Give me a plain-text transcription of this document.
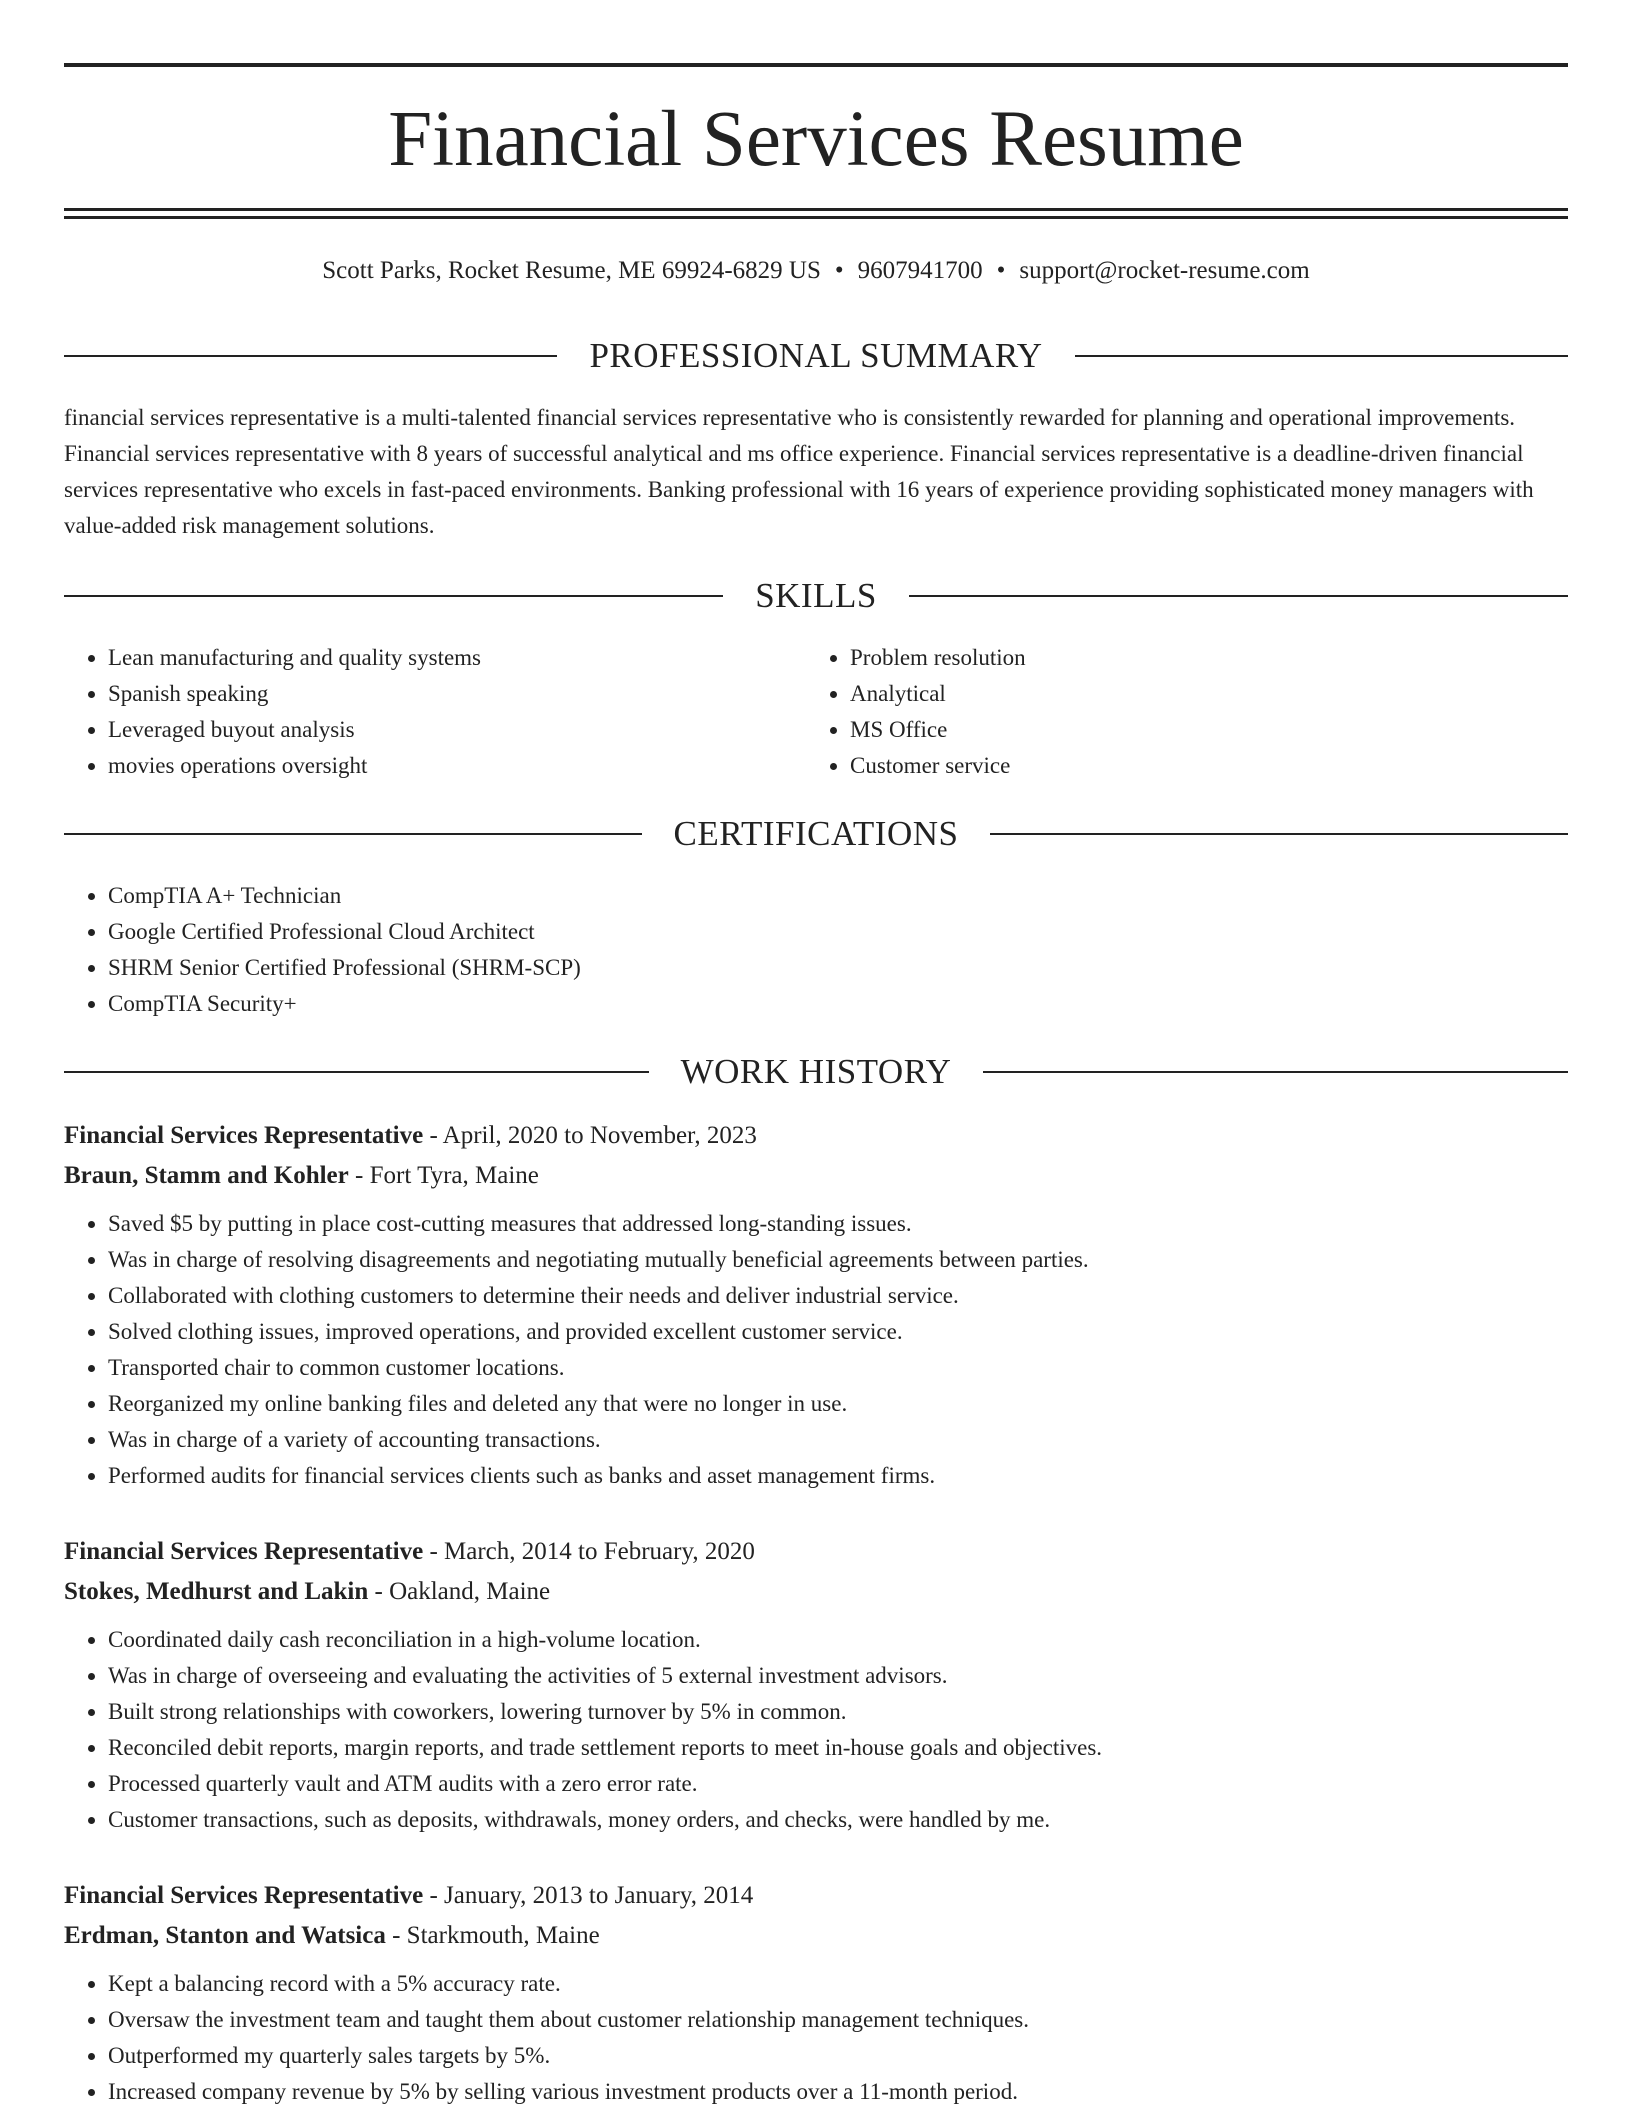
Financial Services Resume
Scott Parks, Rocket Resume, ME 69924-6829 US • 9607941700 • support@rocket-resume.com
PROFESSIONAL SUMMARY

financial services representative is a multi-talented financial services representative who is consistently rewarded for planning and operational improvements. Financial services representative with 8 years of successful analytical and ms office experience. Financial services representative is a deadline-driven financial services representative who excels in fast-paced environments. Banking professional with 16 years of experience providing sophisticated money managers with value-added risk management solutions.

SKILLS
• Lean manufacturing and quality systems
• Spanish speaking
• Leveraged buyout analysis
• movies operations oversight
• Problem resolution
• Analytical
• MS Office
• Customer service
CERTIFICATIONS
• CompTIA A+ Technician
• Google Certified Professional Cloud Architect
• SHRM Senior Certified Professional (SHRM-SCP)
• CompTIA Security+
WORK HISTORY
Financial Services Representative - April, 2020 to November, 2023
Braun, Stamm and Kohler - Fort Tyra, Maine
• Saved $5 by putting in place cost-cutting measures that addressed long-standing issues.
• Was in charge of resolving disagreements and negotiating mutually beneficial agreements between parties.
• Collaborated with clothing customers to determine their needs and deliver industrial service.
• Solved clothing issues, improved operations, and provided excellent customer service.
• Transported chair to common customer locations.
• Reorganized my online banking files and deleted any that were no longer in use.
• Was in charge of a variety of accounting transactions.
• Performed audits for financial services clients such as banks and asset management firms.
Financial Services Representative - March, 2014 to February, 2020
Stokes, Medhurst and Lakin - Oakland, Maine
• Coordinated daily cash reconciliation in a high-volume location.
• Was in charge of overseeing and evaluating the activities of 5 external investment advisors.
• Built strong relationships with coworkers, lowering turnover by 5% in common.
• Reconciled debit reports, margin reports, and trade settlement reports to meet in-house goals and objectives.
• Processed quarterly vault and ATM audits with a zero error rate.
• Customer transactions, such as deposits, withdrawals, money orders, and checks, were handled by me.
Financial Services Representative - January, 2013 to January, 2014
Erdman, Stanton and Watsica - Starkmouth, Maine
• Kept a balancing record with a 5% accuracy rate.
• Oversaw the investment team and taught them about customer relationship management techniques.
• Outperformed my quarterly sales targets by 5%.
• Increased company revenue by 5% by selling various investment products over a 11-month period.
